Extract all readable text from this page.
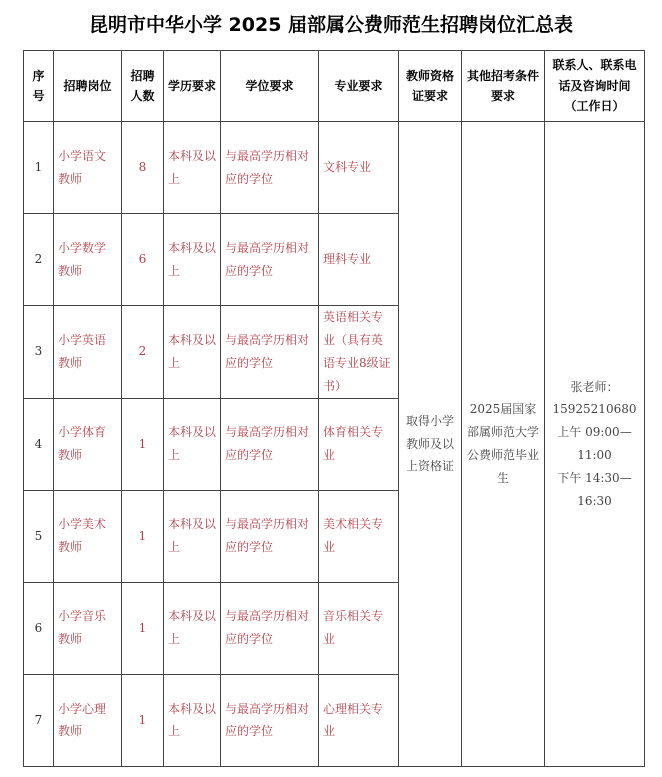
昆明市中华小学 2025 届部属公费师范生招聘岗位汇总表
序号	招聘岗位	招聘人数	学历要求	学位要求	专业要求	教师资格证要求	其他招考条件要求	联系人、联系电话及咨询时间（工作日）
1	小学语文教师	8	本科及以上	与最高学历相对应的学位	文科专业	取得小学教师及以上资格证	2025届国家部属师范大学公费师范毕业生	张老师：
15925210680
上午 09:00—11:00
下午 14:30—16:30

2	小学数学教师	6	本科及以上	与最高学历相对应的学位	理科专业			
3	小学英语教师	2	本科及以上	与最高学历相对应的学位	英语相关专业（具有英语专业8级证书）			
4	小学体育教师	1	本科及以上	与最高学历相对应的学位	体育相关专业			
5	小学美术教师	1	本科及以上	与最高学历相对应的学位	美术相关专业			
6	小学音乐教师	1	本科及以上	与最高学历相对应的学位	音乐相关专业			
7	小学心理教师	1	本科及以上	与最高学历相对应的学位	心理相关专业			
